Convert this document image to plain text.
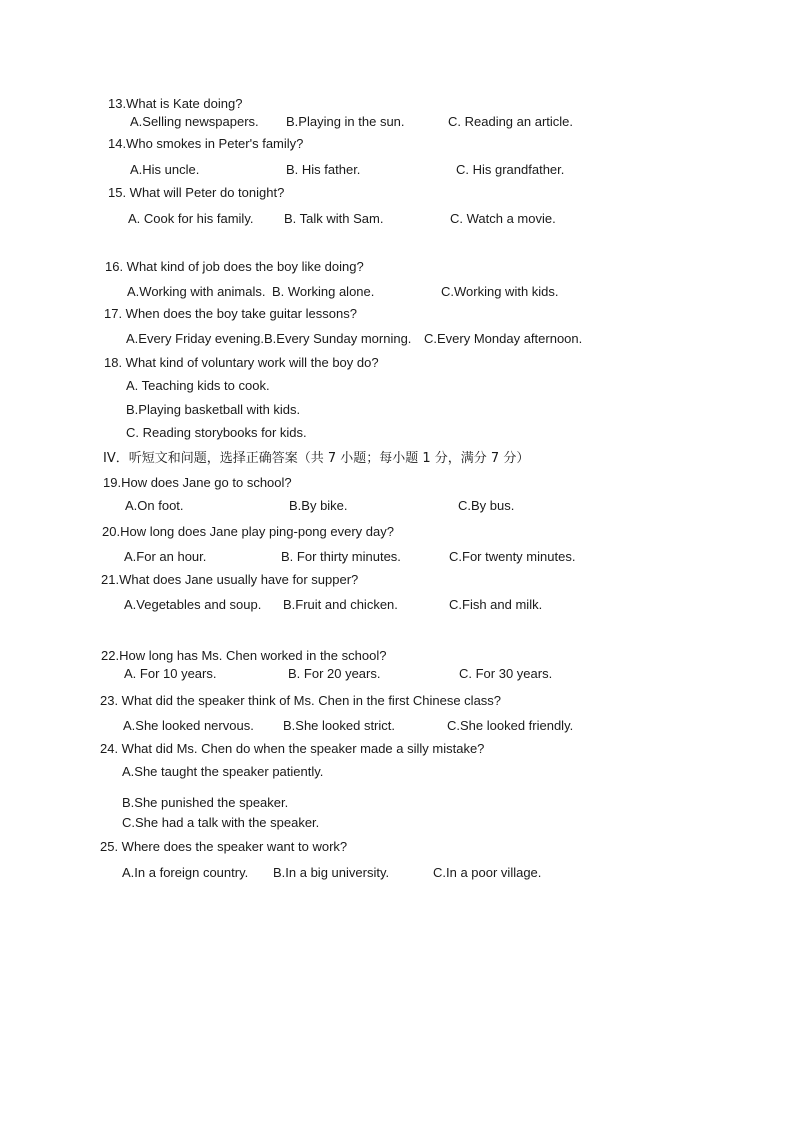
13.What is Kate doing?
A.Selling newspapers. B.Playing in the sun.	C. Reading an article.
14.Who smokes in Peter's family?
A.His uncle.	B. His father.	C. His grandfather.
15. What will Peter do tonight?
A. Cook for his family. B. Talk with Sam.	C. Watch a movie.
16. What kind of job does the boy like doing?
A.Working with animals. B. Working alone.	C.Working with kids.
17. When does the boy take guitar lessons?
A.Every Friday evening. B.Every Sunday morning. C.Every Monday afternoon.
18. What kind of voluntary work will the boy do?
A. Teaching kids to cook.
B.Playing basketball with kids.
C. Reading storybooks for kids.
IV．听短文和问题，选择正确答案（共 7 小题；每小题 1 分，满分 7 分）
19.How does Jane go to school?
A.On foot.	B.By bike.	C.By bus.
20.How long does Jane play ping-pong every day?
A.For an hour.	B. For thirty minutes.	C.For twenty minutes.
21.What does Jane usually have for supper?
A.Vegetables and soup. B.Fruit and chicken.	C.Fish and milk.
22.How long has Ms. Chen worked in the school?
A. For 10 years.	B. For 20 years.	C. For 30 years.
23. What did the speaker think of Ms. Chen in the first Chinese class?
A.She looked nervous. B.She looked strict.	C.She looked friendly.
24. What did Ms. Chen do when the speaker made a silly mistake?
A.She taught the speaker patiently.
B.She punished the speaker.
C.She had a talk with the speaker.
25. Where does the speaker want to work?
A.In a foreign country. B.In a big university.	C.In a poor village.
